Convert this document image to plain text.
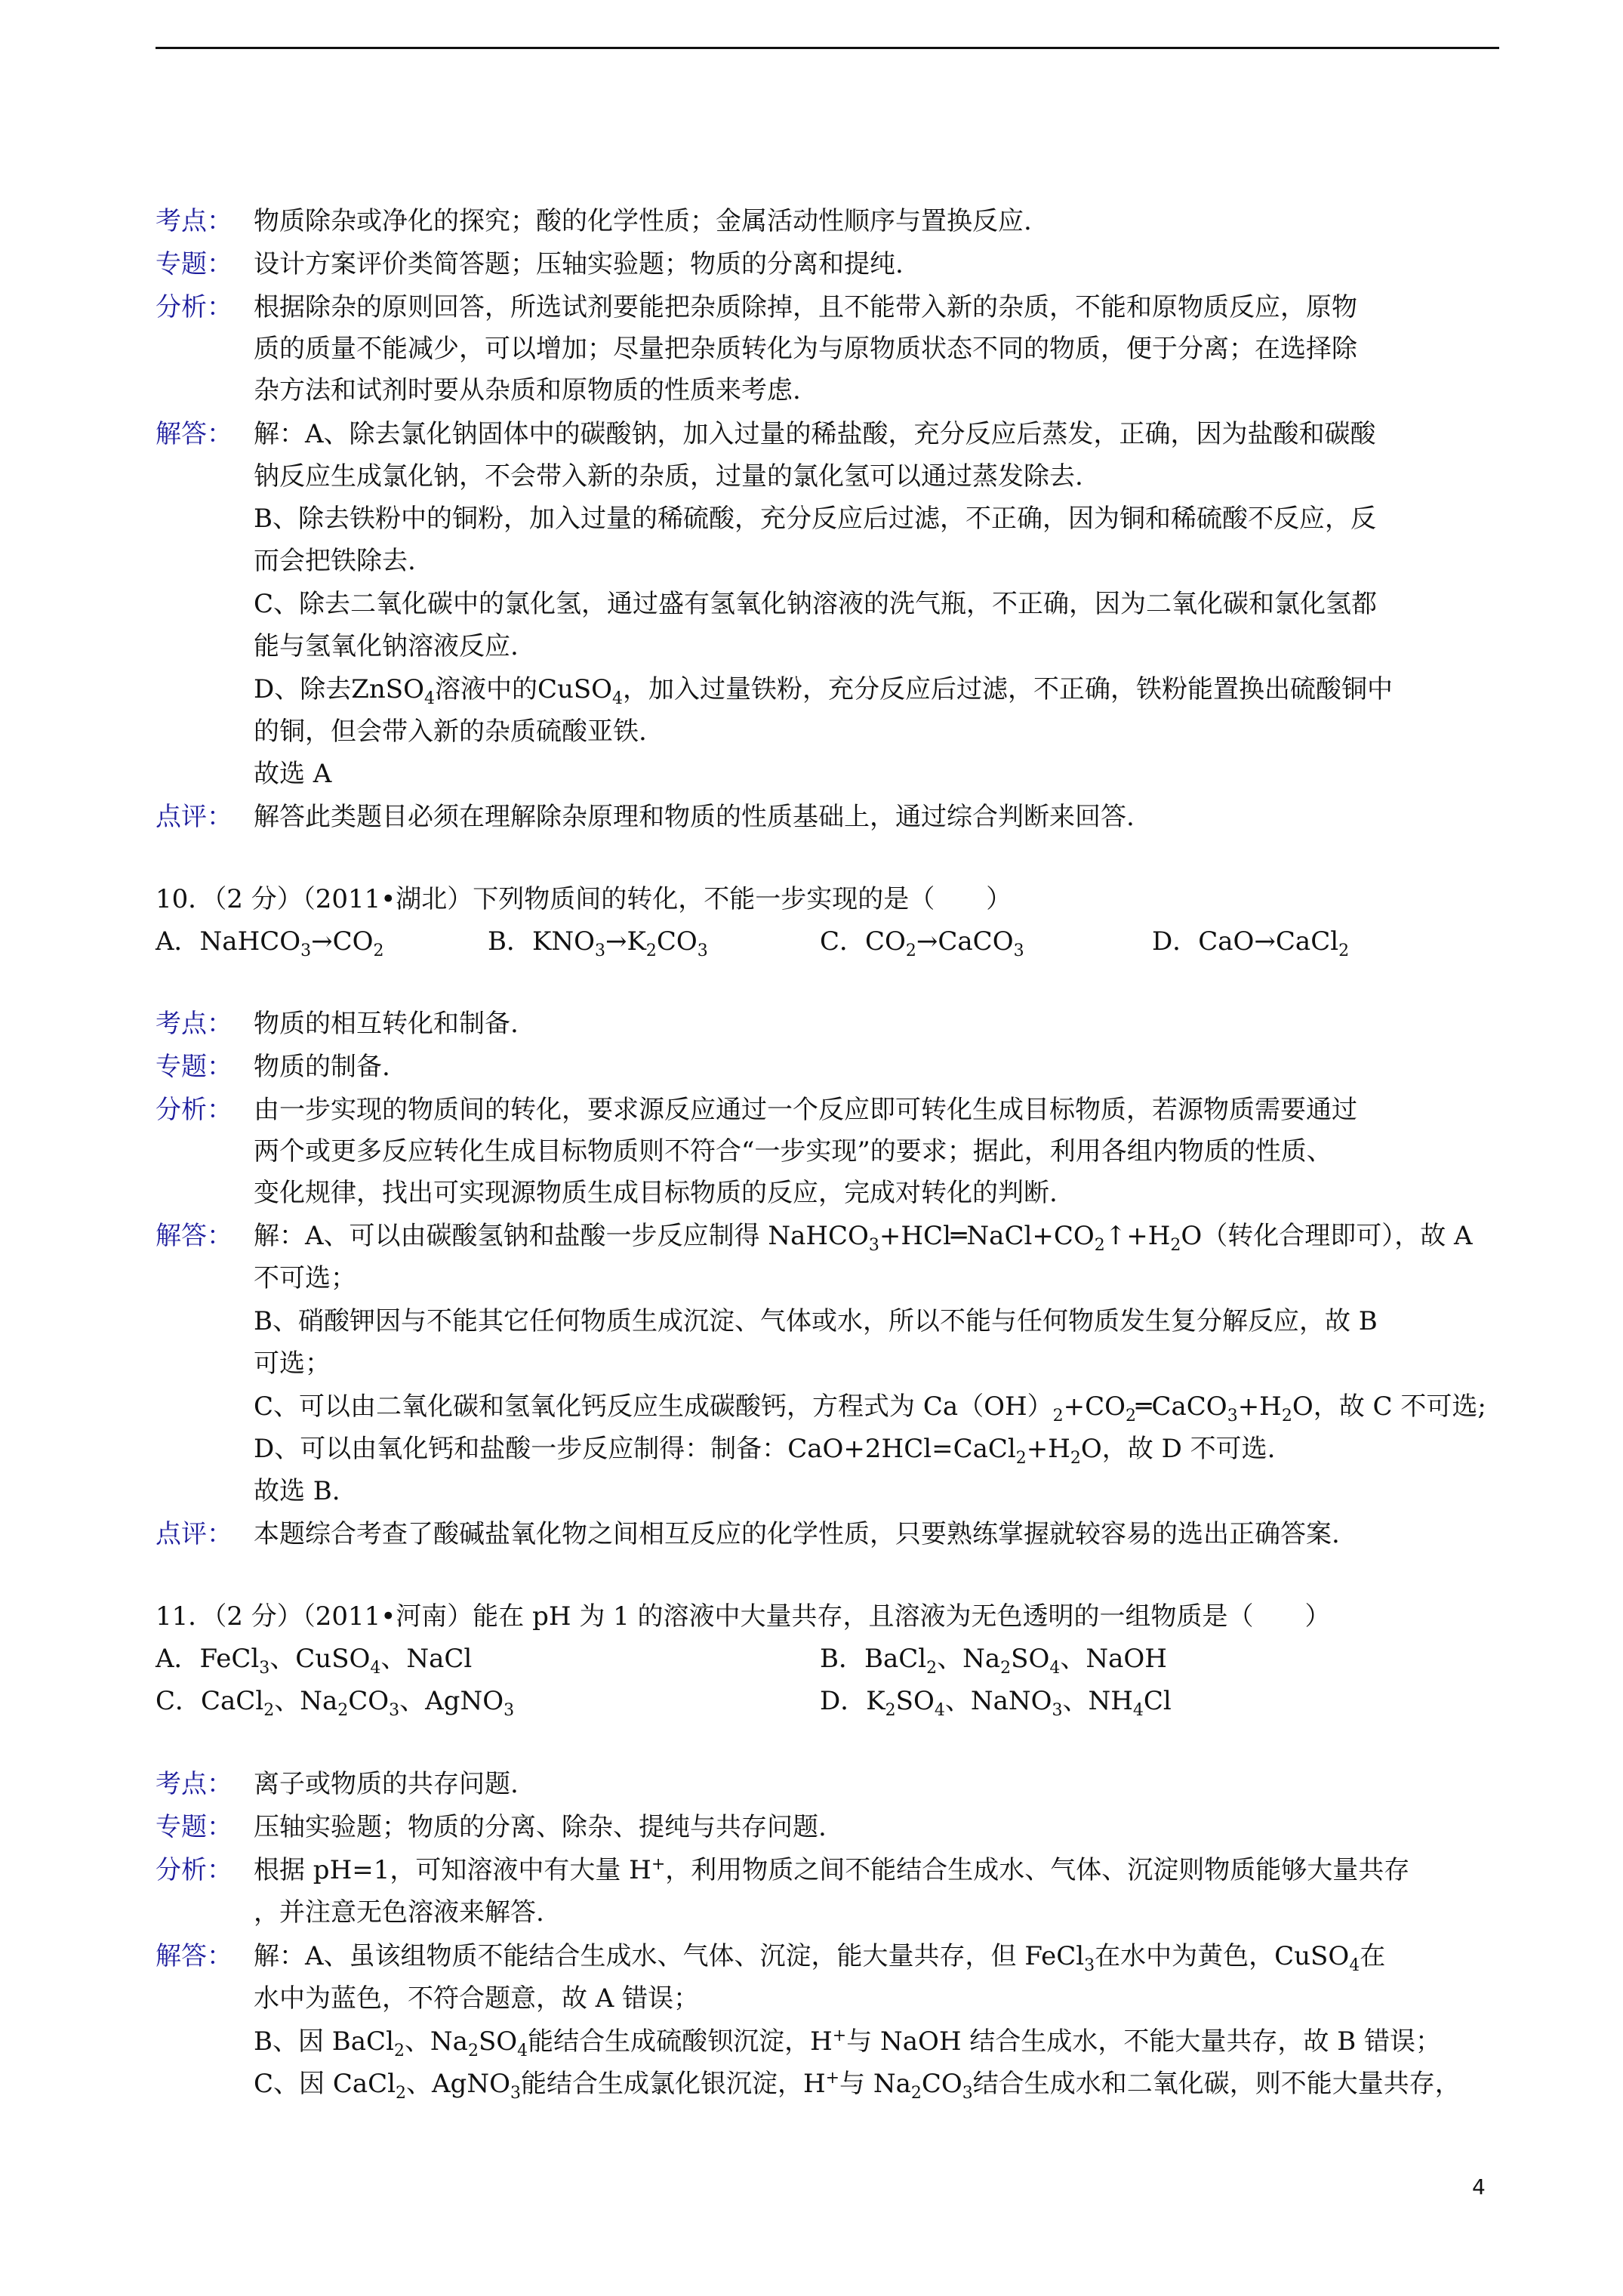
考点： 物质除杂或净化的探究；酸的化学性质；金属活动性顺序与置换反应.
专题： 设计方案评价类简答题；压轴实验题；物质的分离和提纯.
分析： 根据除杂的原则回答，所选试剂要能把杂质除掉，且不能带入新的杂质，不能和原物质反应，原物
质的质量不能减少，可以增加；尽量把杂质转化为与原物质状态不同的物质，便于分离；在选择除
杂方法和试剂时要从杂质和原物质的性质来考虑.
解答： 解：A、除去氯化钠固体中的碳酸钠，加入过量的稀盐酸，充分反应后蒸发，正确，因为盐酸和碳酸
钠反应生成氯化钠，不会带入新的杂质，过量的氯化氢可以通过蒸发除去.
B、除去铁粉中的铜粉，加入过量的稀硫酸，充分反应后过滤，不正确，因为铜和稀硫酸不反应，反
而会把铁除去.
C、除去二氧化碳中的氯化氢，通过盛有氢氧化钠溶液的洗气瓶，不正确，因为二氧化碳和氯化氢都
能与氢氧化钠溶液反应.
D、除去ZnSO$_4$溶液中的CuSO$_4$，加入过量铁粉，充分反应后过滤，不正确，铁粉能置换出硫酸铜中
的铜，但会带入新的杂质硫酸亚铁.
故选 A
点评： 解答此类题目必须在理解除杂原理和物质的性质基础上，通过综合判断来回答.
10．（2 分）（2011•湖北）下列物质间的转化，不能一步实现的是（　　）
A．$NaHCO_3\to CO_2$	B．$KNO_3\to K_2CO_3$	C．$CO_2\to CaCO_3$	D．CaO→CaCl$_2$
考点： 物质的相互转化和制备.
专题： 物质的制备.
分析： 由一步实现的物质间的转化，要求源反应通过一个反应即可转化生成目标物质，若源物质需要通过
两个或更多反应转化生成目标物质则不符合“一步实现”的要求；据此，利用各组内物质的性质、
变化规律，找出可实现源物质生成目标物质的反应，完成对转化的判断.
解答： 解：A、可以由碳酸氢钠和盐酸一步反应制得 $NaHCO_3+HCl═NaCl+CO_2↑+H_2O$（转化合理即可），故 A
不可选；
B、硝酸钾因与不能其它任何物质生成沉淀、气体或水，所以不能与任何物质发生复分解反应，故 B
可选；
C、可以由二氧化碳和氢氧化钙反应生成碳酸钙，方程式为 $Ca(OH)_2+CO_2═CaCO_3+H_2O$，故 C 不可选;
D、可以由氧化钙和盐酸一步反应制得：制备：$CaO+2HCl=CaCl_2+H_2O$，故 D 不可选.
故选 B.
点评： 本题综合考查了酸碱盐氧化物之间相互反应的化学性质，只要熟练掌握就较容易的选出正确答案.
11．（2 分）（2011•河南）能在 pH 为 1 的溶液中大量共存，且溶液为无色透明的一组物质是（　　）
A．FeCl$_3$、CuSO$_4$、NaCl	B．BaCl$_2$、$Na_2SO_4$、NaOH
C．CaCl$_2$、$Na_2CO_3$、AgNO$_3$	D．$K_2SO_4$、NaNO$_3$、$NH_4Cl$
考点： 离子或物质的共存问题.
专题： 压轴实验题；物质的分离、除杂、提纯与共存问题.
分析： 根据 pH=1，可知溶液中有大量 H+，利用物质之间不能结合生成水、气体、沉淀则物质能够大量共存
，并注意无色溶液来解答.
解答： 解：A、虽该组物质不能结合生成水、气体、沉淀，能大量共存，但 FeCl$_3$在水中为黄色，CuSO$_4$在
水中为蓝色，不符合题意，故 A 错误；
B、因 BaCl$_2$、$Na_2SO_4$能结合生成硫酸钡沉淀，H+与 NaOH 结合生成水，不能大量共存，故 B 错误；
C、因 CaCl$_2$、AgNO$_3$能结合生成氯化银沉淀，H+与 $Na_2CO_3$结合生成水和二氧化碳，则不能大量共存，
4
